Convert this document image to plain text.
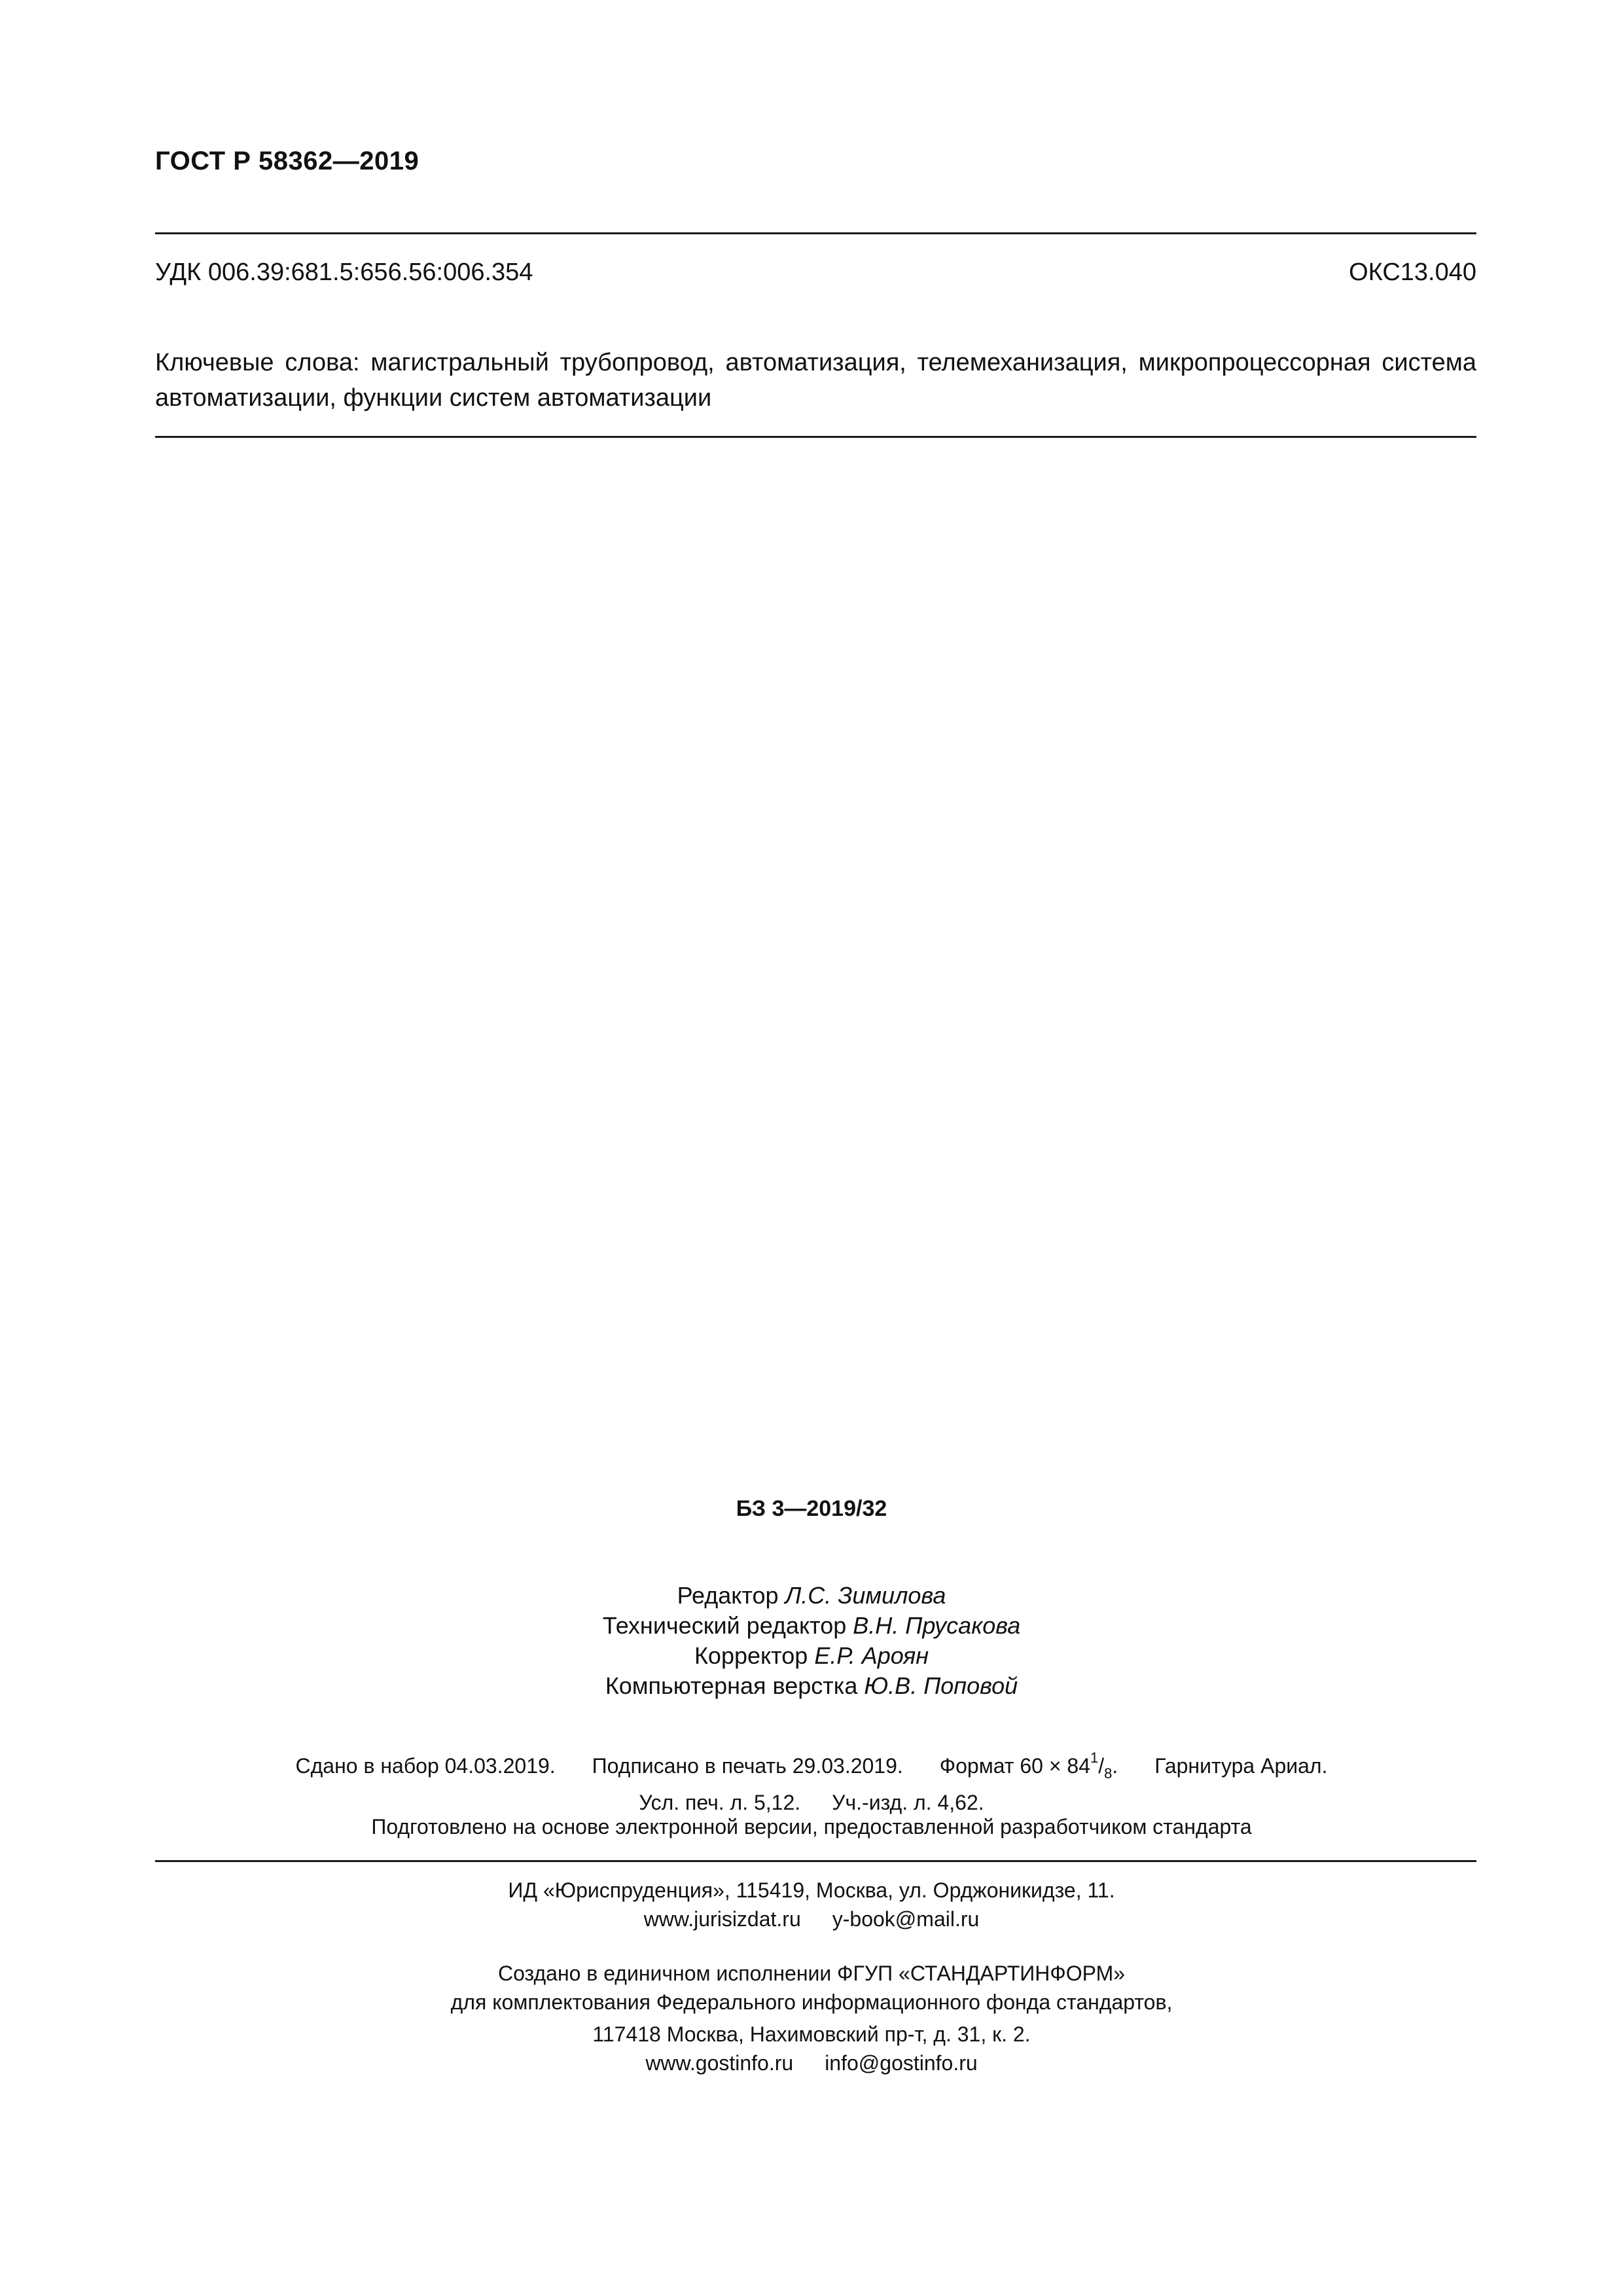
ГОСТ Р 58362—2019
УДК 006.39:681.5:656.56:006.354	ОКС13.040
Ключевые слова: магистральный трубопровод, автоматизация, телемеханизация, микропроцессорная система автоматизации, функции систем автоматизации
БЗ 3—2019/32
Редактор Л.С. Зимилова
Технический редактор В.Н. Прусакова
Корректор Е.Р. Ароян
Компьютерная верстка Ю.В. Поповой
Сдано в набор 04.03.2019. Подписано в печать 29.03.2019. Формат $60 \times 84^1/_8$. Гарнитура Ариал.
Усл. печ. л. 5,12. Уч.-изд. л. 4,62.
Подготовлено на основе электронной версии, предоставленной разработчиком стандарта
ИД «Юриспруденция», 115419, Москва, ул. Орджоникидзе, 11.
www.jurisizdat.ru y-book@mail.ru
Создано в единичном исполнении ФГУП «СТАНДАРТИНФОРМ»
для комплектования Федерального информационного фонда стандартов,
117418 Москва, Нахимовский пр-т, д. 31, к. 2.
www.gostinfo.ru info@gostinfo.ru
